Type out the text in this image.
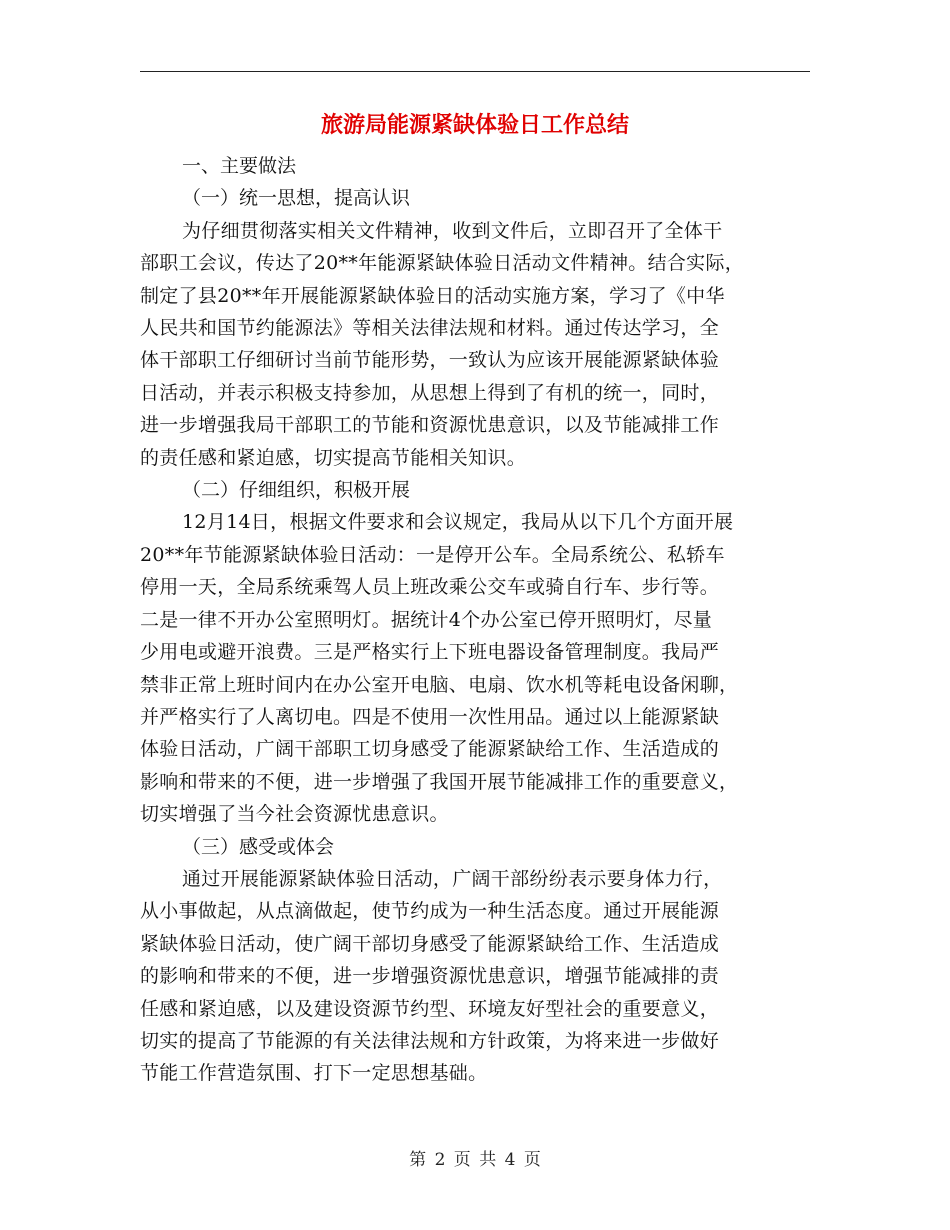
旅游局能源紧缺体验日工作总结

一、主要做法

（一）统一思想，提高认识

为仔细贯彻落实相关文件精神，收到文件后，立即召开了全体干
部职工会议，传达了20**年能源紧缺体验日活动文件精神。结合实际，
制定了县20**年开展能源紧缺体验日的活动实施方案，学习了《中华
人民共和国节约能源法》等相关法律法规和材料。通过传达学习，全
体干部职工仔细研讨当前节能形势，一致认为应该开展能源紧缺体验
日活动，并表示积极支持参加，从思想上得到了有机的统一，同时，
进一步增强我局干部职工的节能和资源忧患意识，以及节能减排工作
的责任感和紧迫感，切实提高节能相关知识。

（二）仔细组织，积极开展

12月14日，根据文件要求和会议规定，我局从以下几个方面开展
20**年节能源紧缺体验日活动：一是停开公车。全局系统公、私轿车
停用一天，全局系统乘驾人员上班改乘公交车或骑自行车、步行等。
二是一律不开办公室照明灯。据统计4个办公室已停开照明灯，尽量
少用电或避开浪费。三是严格实行上下班电器设备管理制度。我局严
禁非正常上班时间内在办公室开电脑、电扇、饮水机等耗电设备闲聊，
并严格实行了人离切电。四是不使用一次性用品。通过以上能源紧缺
体验日活动，广阔干部职工切身感受了能源紧缺给工作、生活造成的
影响和带来的不便，进一步增强了我国开展节能减排工作的重要意义，
切实增强了当今社会资源忧患意识。

（三）感受或体会

通过开展能源紧缺体验日活动，广阔干部纷纷表示要身体力行，
从小事做起，从点滴做起，使节约成为一种生活态度。通过开展能源
紧缺体验日活动，使广阔干部切身感受了能源紧缺给工作、生活造成
的影响和带来的不便，进一步增强资源忧患意识，增强节能减排的责
任感和紧迫感，以及建设资源节约型、环境友好型社会的重要意义，
切实的提高了节能源的有关法律法规和方针政策，为将来进一步做好
节能工作营造氛围、打下一定思想基础。

第 2 页 共 4 页
